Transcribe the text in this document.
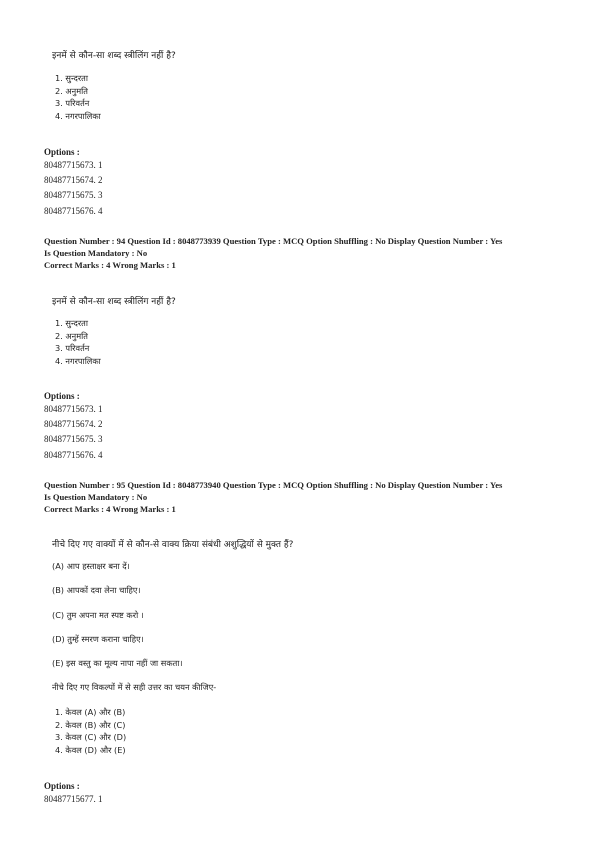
इनमें से कौन-सा शब्द स्त्रीलिंग नहीं है?

1. सुन्दरता
2. अनुमति
3. परिवर्तन
4. नगरपालिका

Options :

80487715673. 1
80487715674. 2
80487715675. 3
80487715676. 4
Question Number : 94 Question Id : 8048773939 Question Type : MCQ Option Shuffling : No Display Question Number : Yes
Is Question Mandatory : No
Correct Marks : 4 Wrong Marks : 1

इनमें से कौन-सा शब्द स्त्रीलिंग नहीं है?

1. सुन्दरता
2. अनुमति
3. परिवर्तन
4. नगरपालिका

Options :

80487715673. 1
80487715674. 2
80487715675. 3
80487715676. 4
Question Number : 95 Question Id : 8048773940 Question Type : MCQ Option Shuffling : No Display Question Number : Yes
Is Question Mandatory : No
Correct Marks : 4 Wrong Marks : 1

नीचे दिए गए वाक्यों में से कौन-से वाक्य क्रिया संबंधी अशुद्धियों से मुक्त हैं?

(A) आप हस्ताक्षर बना दें।

(B) आपकों दवा लेना चाहिए।

(C) तुम अपना मत स्पष्ट करो ।

(D) तुम्हें स्मरण कराना चाहिए।

(E) इस वस्तु का मूल्य नापा नहीं जा सकता।

नीचे दिए गए विकल्पों में से सही उत्तर का चयन कीजिए-

1. केवल (A) और (B)
2. केवल (B) और (C)
3. केवल (C) और (D)
4. केवल (D) और (E)

Options :

80487715677. 1
